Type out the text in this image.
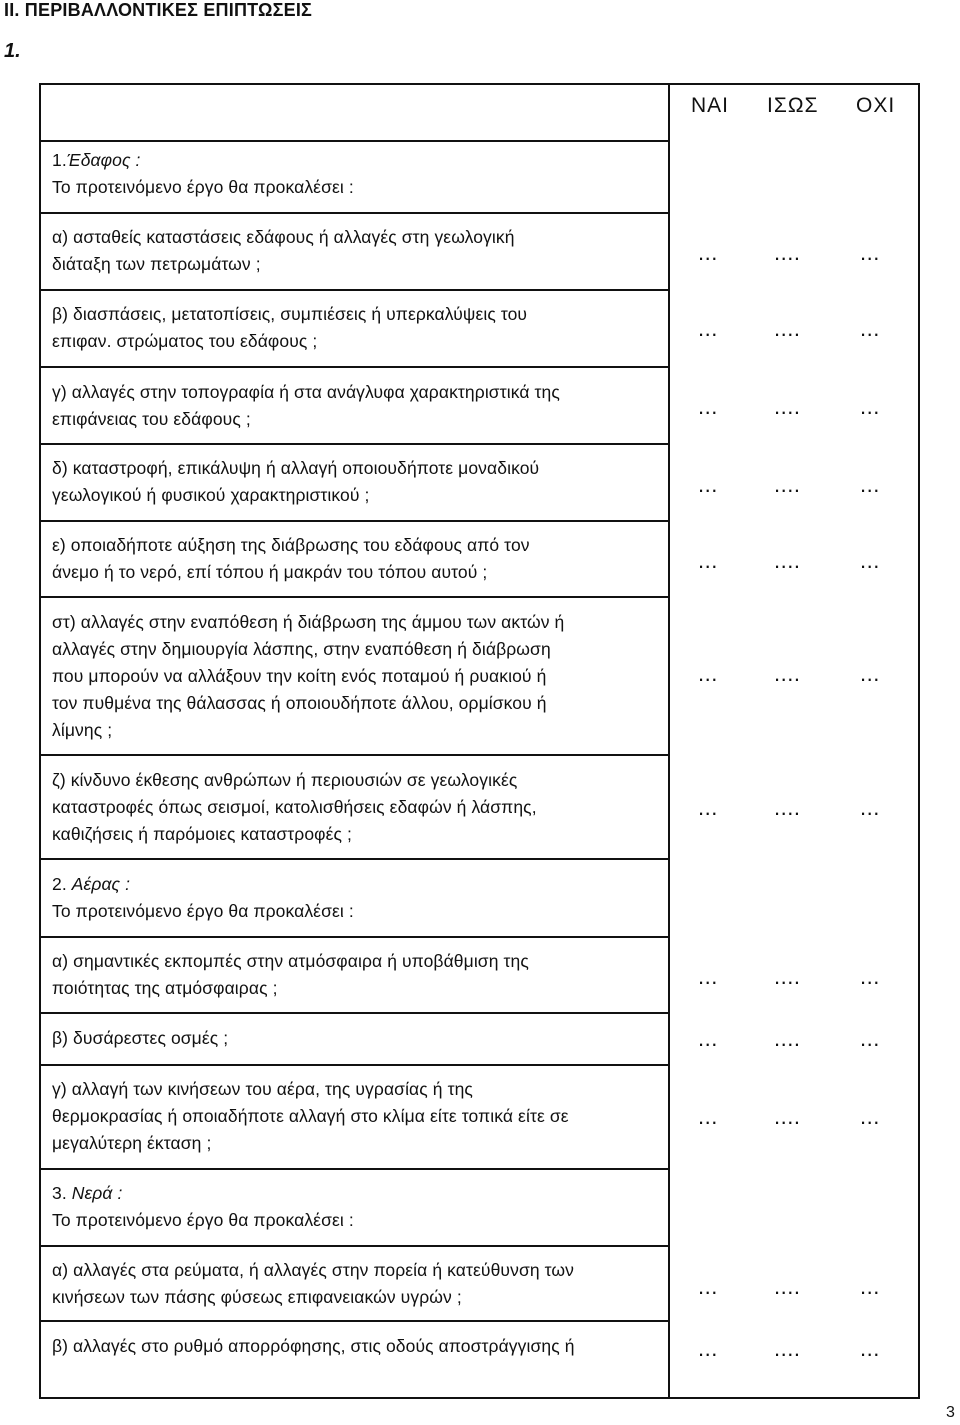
ΙΙ. ΠΕΡΙΒΑΛΛΟΝΤΙΚΕΣ ΕΠΙΠΤΩΣΕΙΣ
1.
ΝΑΙ ΙΣΩΣ ΟΧΙ
1.Έδαφος :
Το προτεινόμενο έργο θα προκαλέσει :
α) ασταθείς καταστάσεις εδάφους ή αλλαγές στη γεωλογική
διάταξη των πετρωμάτων ;	...	....	...
β) διασπάσεις, μετατοπίσεις, συμπιέσεις ή υπερκαλύψεις του
επιφαν. στρώματος του εδάφους ;	...	....	...
γ) αλλαγές στην τοπογραφία ή στα ανάγλυφα χαρακτηριστικά της
επιφάνειας του εδάφους ;	...	....	...
δ) καταστροφή, επικάλυψη ή αλλαγή οποιουδήποτε μοναδικού
γεωλογικού ή φυσικού χαρακτηριστικού ;	...	....	...
ε) οποιαδήποτε αύξηση της διάβρωσης του εδάφους από τον
άνεμο ή το νερό, επί τόπου ή μακράν του τόπου αυτού ;	...	....	...
στ) αλλαγές στην εναπόθεση ή διάβρωση της άμμου των ακτών ή
αλλαγές στην δημιουργία λάσπης, στην εναπόθεση ή διάβρωση
που μπορούν να αλλάξουν την κοίτη ενός ποταμού ή ρυακιού ή
τον πυθμένα της θάλασσας ή οποιουδήποτε άλλου, ορμίσκου ή
λίμνης ;
...	....	...
ζ) κίνδυνο έκθεσης ανθρώπων ή περιουσιών σε γεωλογικές
καταστροφές όπως σεισμοί, κατολισθήσεις εδαφών ή λάσπης,
καθιζήσεις ή παρόμοιες καταστροφές ;
...	....	...
2. Αέρας :
Το προτεινόμενο έργο θα προκαλέσει :
α) σημαντικές εκπομπές στην ατμόσφαιρα ή υποβάθμιση της
ποιότητας της ατμόσφαιρας ;	...	....	...
β) δυσάρεστες οσμές ;	...	....	...
γ) αλλαγή των κινήσεων του αέρα, της υγρασίας ή της
θερμοκρασίας ή οποιαδήποτε αλλαγή στο κλίμα είτε τοπικά είτε σε
μεγαλύτερη έκταση ;
...	....	...
3. Νερά :
Το προτεινόμενο έργο θα προκαλέσει :
α) αλλαγές στα ρεύματα, ή αλλαγές στην πορεία ή κατεύθυνση των
κινήσεων των πάσης φύσεως επιφανειακών υγρών ;	...	....	...
β) αλλαγές στο ρυθμό απορρόφησης, στις οδούς αποστράγγισης ή	...	....	...
3
